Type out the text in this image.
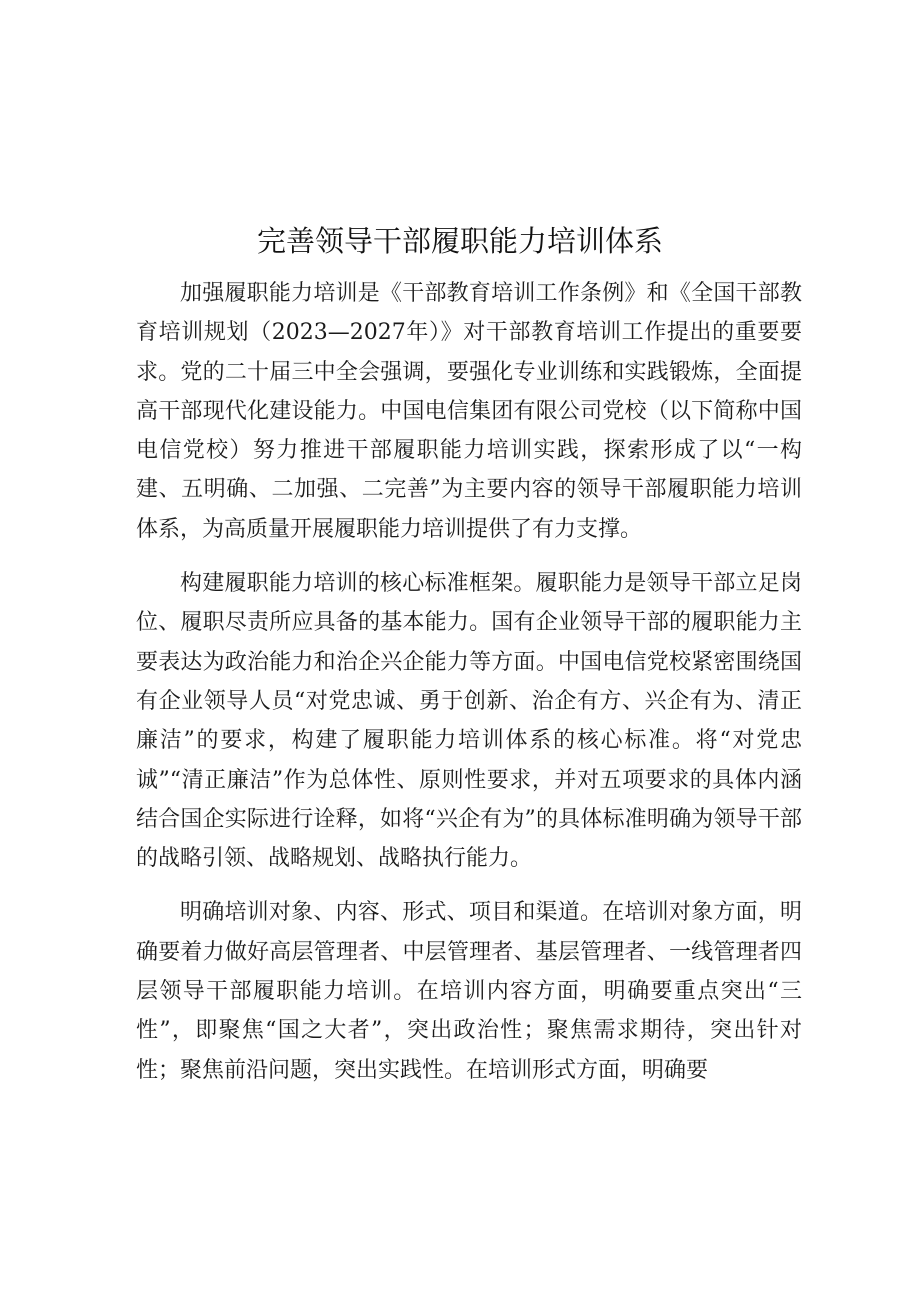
完善领导干部履职能力培训体系

加强履职能力培训是《干部教育培训工作条例》和《全国干部教育培训规划（2023—2027年）》对干部教育培训工作提出的重要要求。党的二十届三中全会强调，要强化专业训练和实践锻炼，全面提高干部现代化建设能力。中国电信集团有限公司党校（以下简称中国电信党校）努力推进干部履职能力培训实践，探索形成了以“一构建、五明确、二加强、二完善”为主要内容的领导干部履职能力培训体系，为高质量开展履职能力培训提供了有力支撑。

构建履职能力培训的核心标准框架。履职能力是领导干部立足岗位、履职尽责所应具备的基本能力。国有企业领导干部的履职能力主要表达为政治能力和治企兴企能力等方面。中国电信党校紧密围绕国有企业领导人员“对党忠诚、勇于创新、治企有方、兴企有为、清正廉洁”的要求，构建了履职能力培训体系的核心标准。将“对党忠诚”“清正廉洁”作为总体性、原则性要求，并对五项要求的具体内涵结合国企实际进行诠释，如将“兴企有为”的具体标准明确为领导干部的战略引领、战略规划、战略执行能力。

明确培训对象、内容、形式、项目和渠道。在培训对象方面，明确要着力做好高层管理者、中层管理者、基层管理者、一线管理者四层领导干部履职能力培训。在培训内容方面，明确要重点突出“三性”，即聚焦“国之大者”，突出政治性；聚焦需求期待，突出针对性；聚焦前沿问题，突出实践性。在培训形式方面，明确要
